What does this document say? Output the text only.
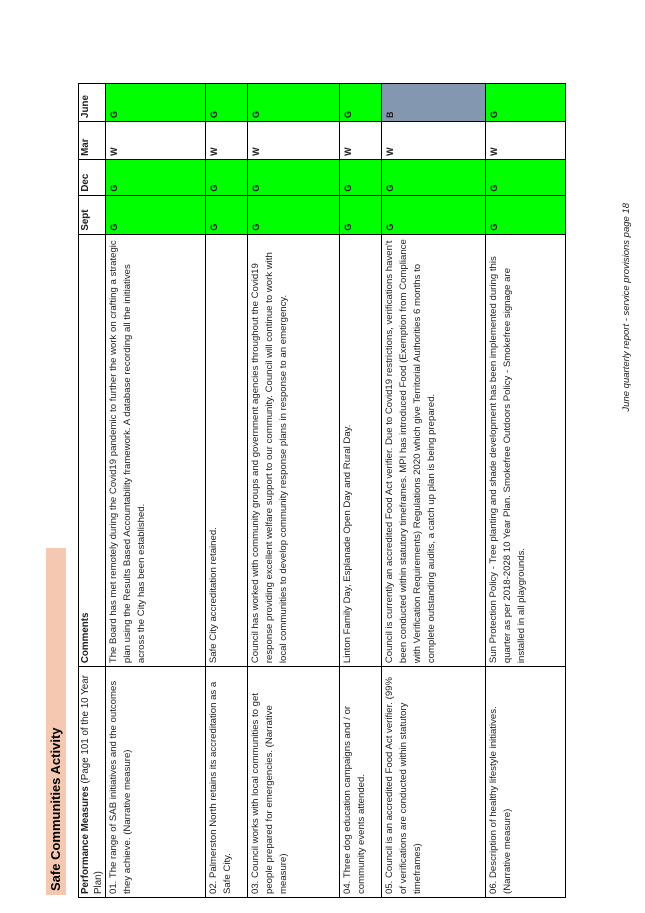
Safe Communities Activity	Performance Measures (Page 101 of the 10 Year Plan)	Comments	Sept	Dec	Mar	June
01. The range of SAB initiatives and the outcomes they achieve. (Narrative measure)	The Board has met remotely during the Covid19 pandemic to further the work on crafting a strategic plan using the Results Based Accountability framework. A database recording all the initiatives across the City has been established.	G	G	W	G
02. Palmerston North retains its accreditation as a Safe City.	Safe City accreditation retained.	G	G	W	G
03. Council works with local communities to get people prepared for emergencies. (Narrative measure)	Council has worked with community groups and government agencies throughout the Covid19 response providing excellent welfare support to our community. Council will continue to work with local communities to develop community response plans in response to an emergency.	G	G	W	G
04. Three dog education campaigns and / or community events attended.	Linton Family Day, Esplanade Open Day and Rural Day.	G	G	W	G
05. Council is an accredited Food Act verifier. (99% of verifications are conducted within statutory timeframes)	Council is currently an accredited Food Act verifier. Due to Covid19 restrictions, verifications haven't been conducted within statutory timeframes. MPI has introduced Food (Exemption from Compliance with Verification Requirements) Regulations 2020 which give Territorial Authorities 6 months to complete outstanding audits, a catch up plan is being prepared.	G	G	W	B
06. Description of healthy lifestyle initiatives. (Narrative measure)	Sun Protection Policy - Tree planting and shade development has been implemented during this quarter as per 2018-2028 10 Year Plan. Smokefree Outdoors Policy - Smokefree signage are installed in all playgrounds.	G	G	W	G
June quarterly report - service provisions page 18
